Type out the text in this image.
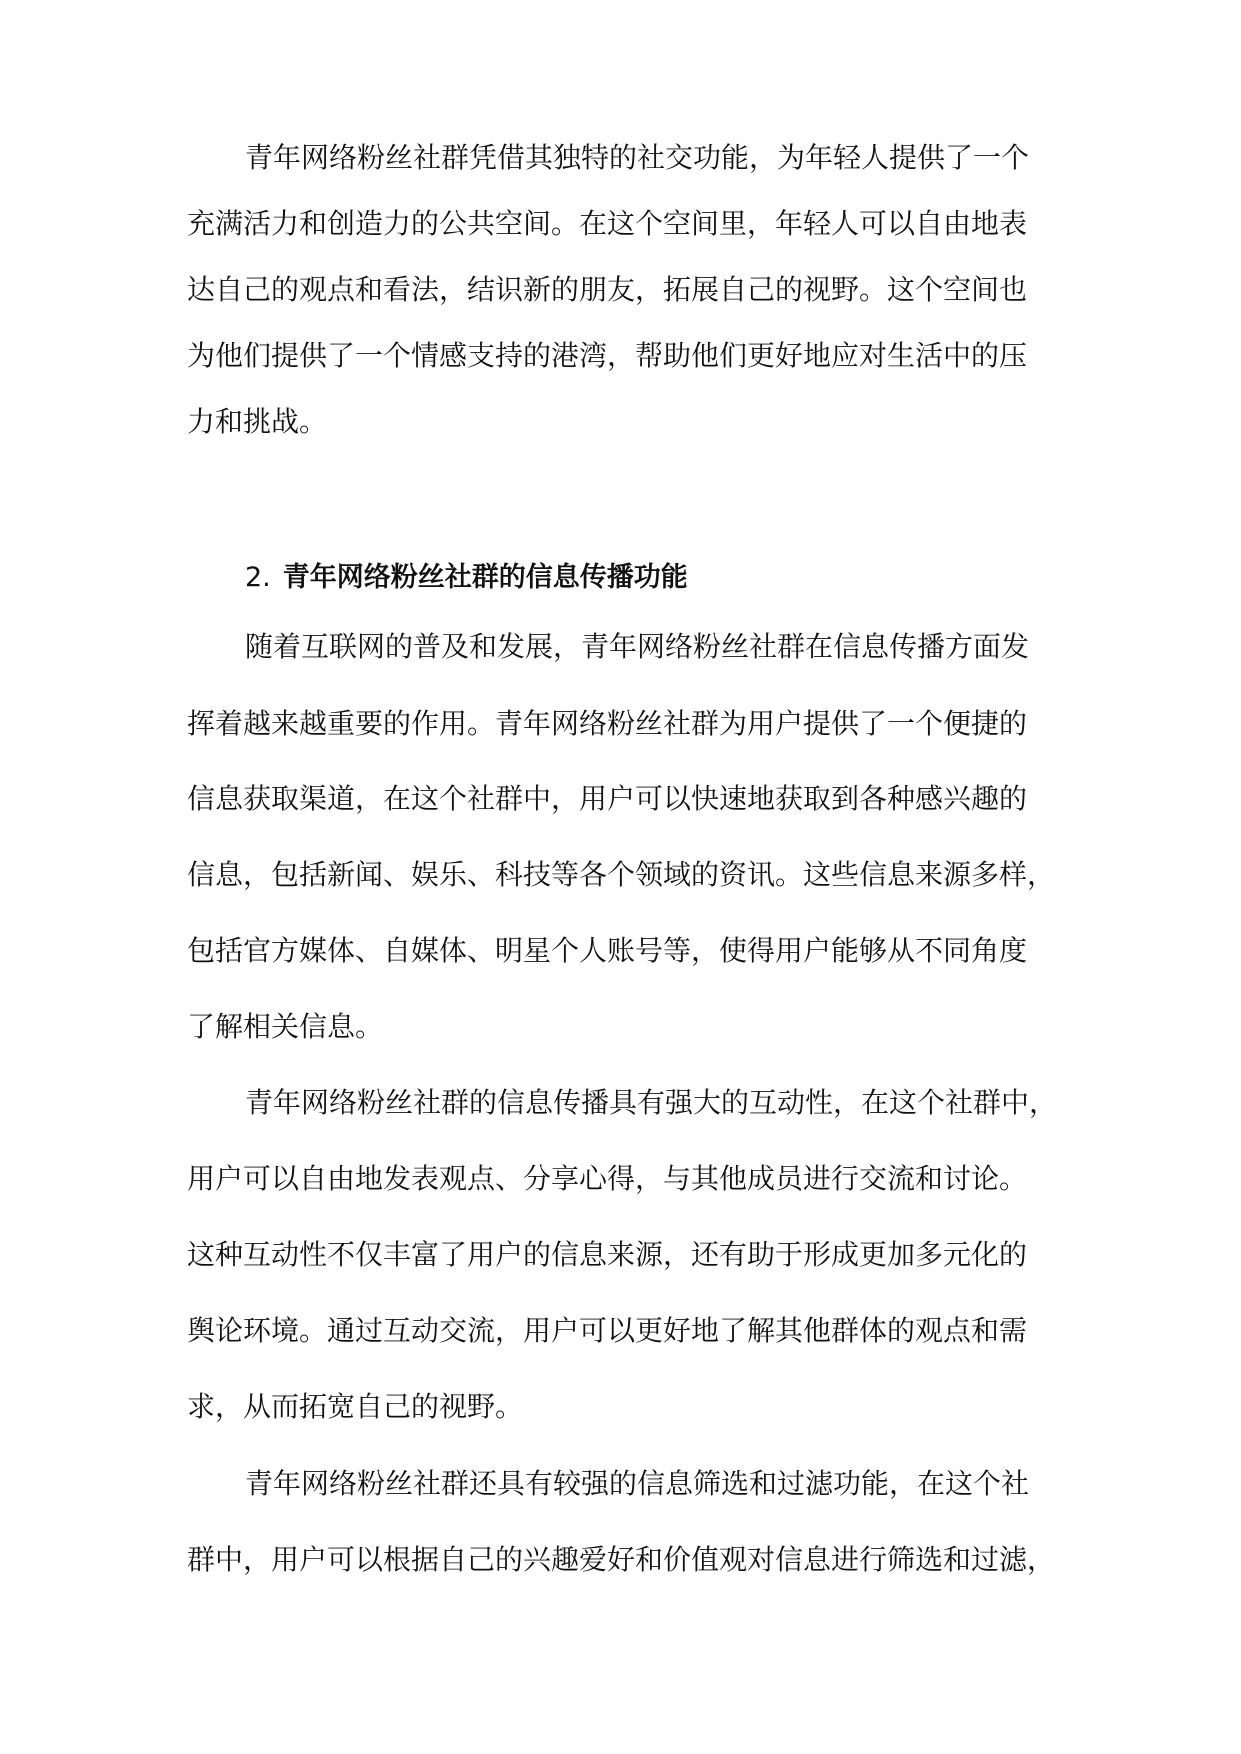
青年网络粉丝社群凭借其独特的社交功能，为年轻人提供了一个
充满活力和创造力的公共空间。在这个空间里，年轻人可以自由地表
达自己的观点和看法，结识新的朋友，拓展自己的视野。这个空间也
为他们提供了一个情感支持的港湾，帮助他们更好地应对生活中的压
力和挑战。
2. 青年网络粉丝社群的信息传播功能
随着互联网的普及和发展，青年网络粉丝社群在信息传播方面发
挥着越来越重要的作用。青年网络粉丝社群为用户提供了一个便捷的
信息获取渠道，在这个社群中，用户可以快速地获取到各种感兴趣的
信息，包括新闻、娱乐、科技等各个领域的资讯。这些信息来源多样，
包括官方媒体、自媒体、明星个人账号等，使得用户能够从不同角度
了解相关信息。
青年网络粉丝社群的信息传播具有强大的互动性，在这个社群中，
用户可以自由地发表观点、分享心得，与其他成员进行交流和讨论。
这种互动性不仅丰富了用户的信息来源，还有助于形成更加多元化的
舆论环境。通过互动交流，用户可以更好地了解其他群体的观点和需
求，从而拓宽自己的视野。
青年网络粉丝社群还具有较强的信息筛选和过滤功能，在这个社
群中，用户可以根据自己的兴趣爱好和价值观对信息进行筛选和过滤，
